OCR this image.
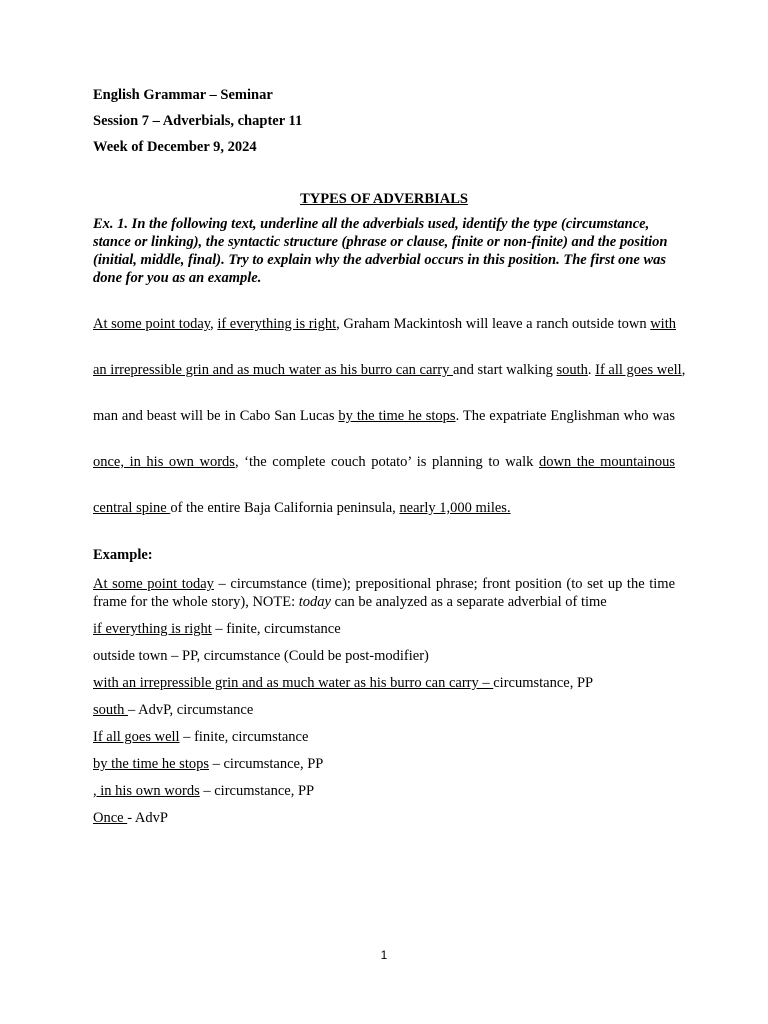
English Grammar – Seminar

Session 7 – Adverbials, chapter 11

Week of December 9, 2024

TYPES OF ADVERBIALS

Ex. 1. In the following text, underline all the adverbials used, identify the type (circumstance, stance or linking), the syntactic structure (phrase or clause, finite or non-finite) and the position (initial, middle, final). Try to explain why the adverbial occurs in this position. The first one was done for you as an example.

At some point today, if everything is right, Graham Mackintosh will leave a ranch outside town with
an irrepressible grin and as much water as his burro can carry and start walking south. If all goes well,
man and beast will be in Cabo San Lucas by the time he stops. The expatriate Englishman who was
once, in his own words, ‘the complete couch potato’ is planning to walk down the mountainous
central spine of the entire Baja California peninsula, nearly 1,000 miles.

Example:

At some point today – circumstance (time); prepositional phrase; front position (to set up the time frame for the whole story), NOTE: today can be analyzed as a separate adverbial of time

if everything is right – finite, circumstance

outside town – PP, circumstance (Could be post-modifier)

with an irrepressible grin and as much water as his burro can carry – circumstance, PP

south – AdvP, circumstance

If all goes well – finite, circumstance

by the time he stops – circumstance, PP

, in his own words – circumstance, PP

Once - AdvP

1
